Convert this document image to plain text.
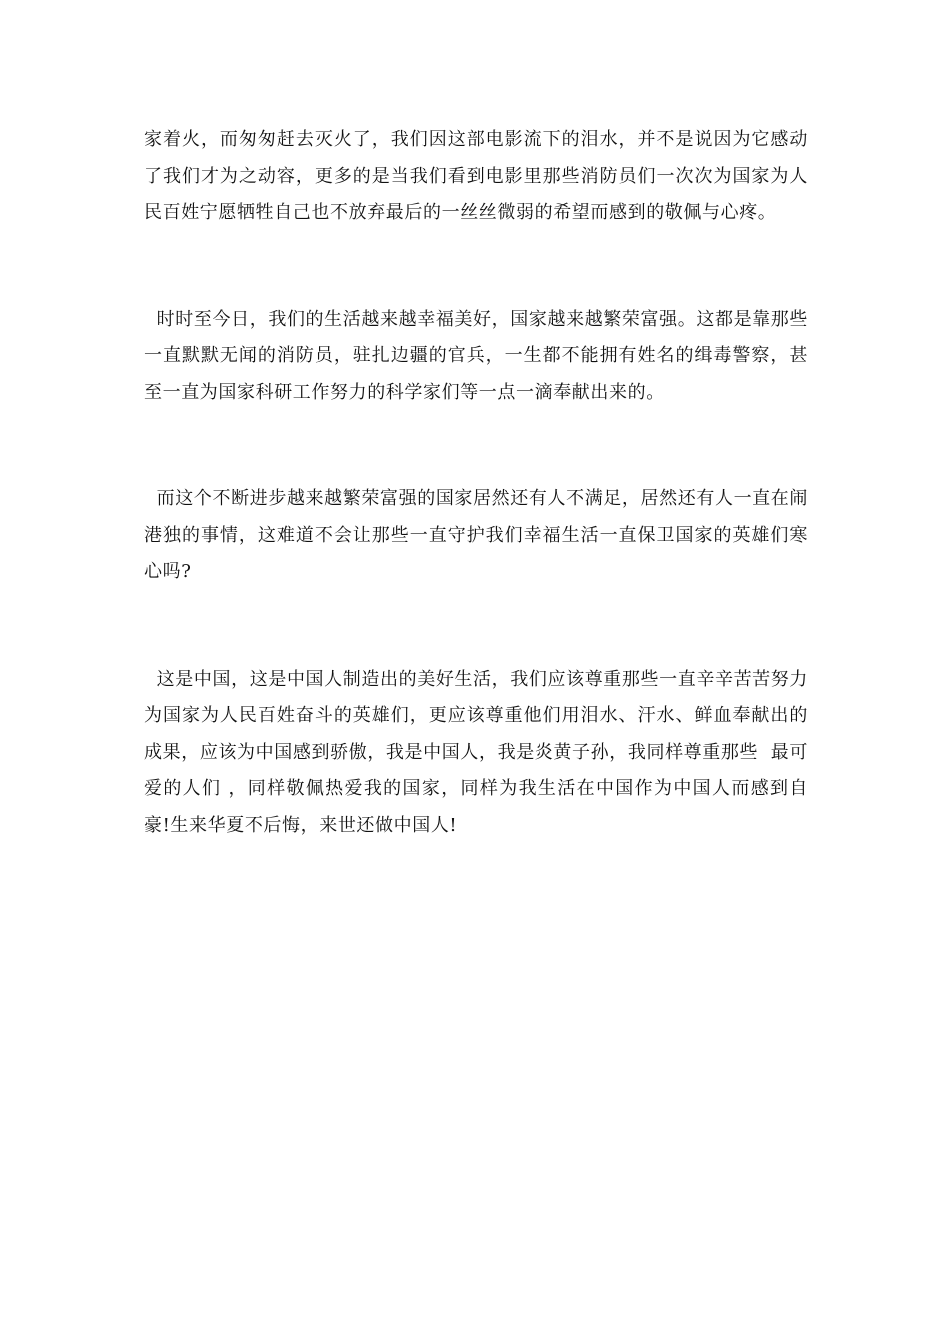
家着火，而匆匆赶去灭火了，我们因这部电影流下的泪水，并不是说因为它感动了我们才为之动容，更多的是当我们看到电影里那些消防员们一次次为国家为人民百姓宁愿牺牲自己也不放弃最后的一丝丝微弱的希望而感到的敬佩与心疼。

时时至今日，我们的生活越来越幸福美好，国家越来越繁荣富强。这都是靠那些一直默默无闻的消防员，驻扎边疆的官兵，一生都不能拥有姓名的缉毒警察，甚至一直为国家科研工作努力的科学家们等一点一滴奉献出来的。

而这个不断进步越来越繁荣富强的国家居然还有人不满足，居然还有人一直在闹港独的事情，这难道不会让那些一直守护我们幸福生活一直保卫国家的英雄们寒心吗?

这是中国，这是中国人制造出的美好生活，我们应该尊重那些一直辛辛苦苦努力为国家为人民百姓奋斗的英雄们，更应该尊重他们用泪水、汗水、鲜血奉献出的成果，应该为中国感到骄傲，我是中国人，我是炎黄子孙，我同样尊重那些  最可爱的人们 ，同样敬佩热爱我的国家，同样为我生活在中国作为中国人而感到自豪!生来华夏不后悔，来世还做中国人!
